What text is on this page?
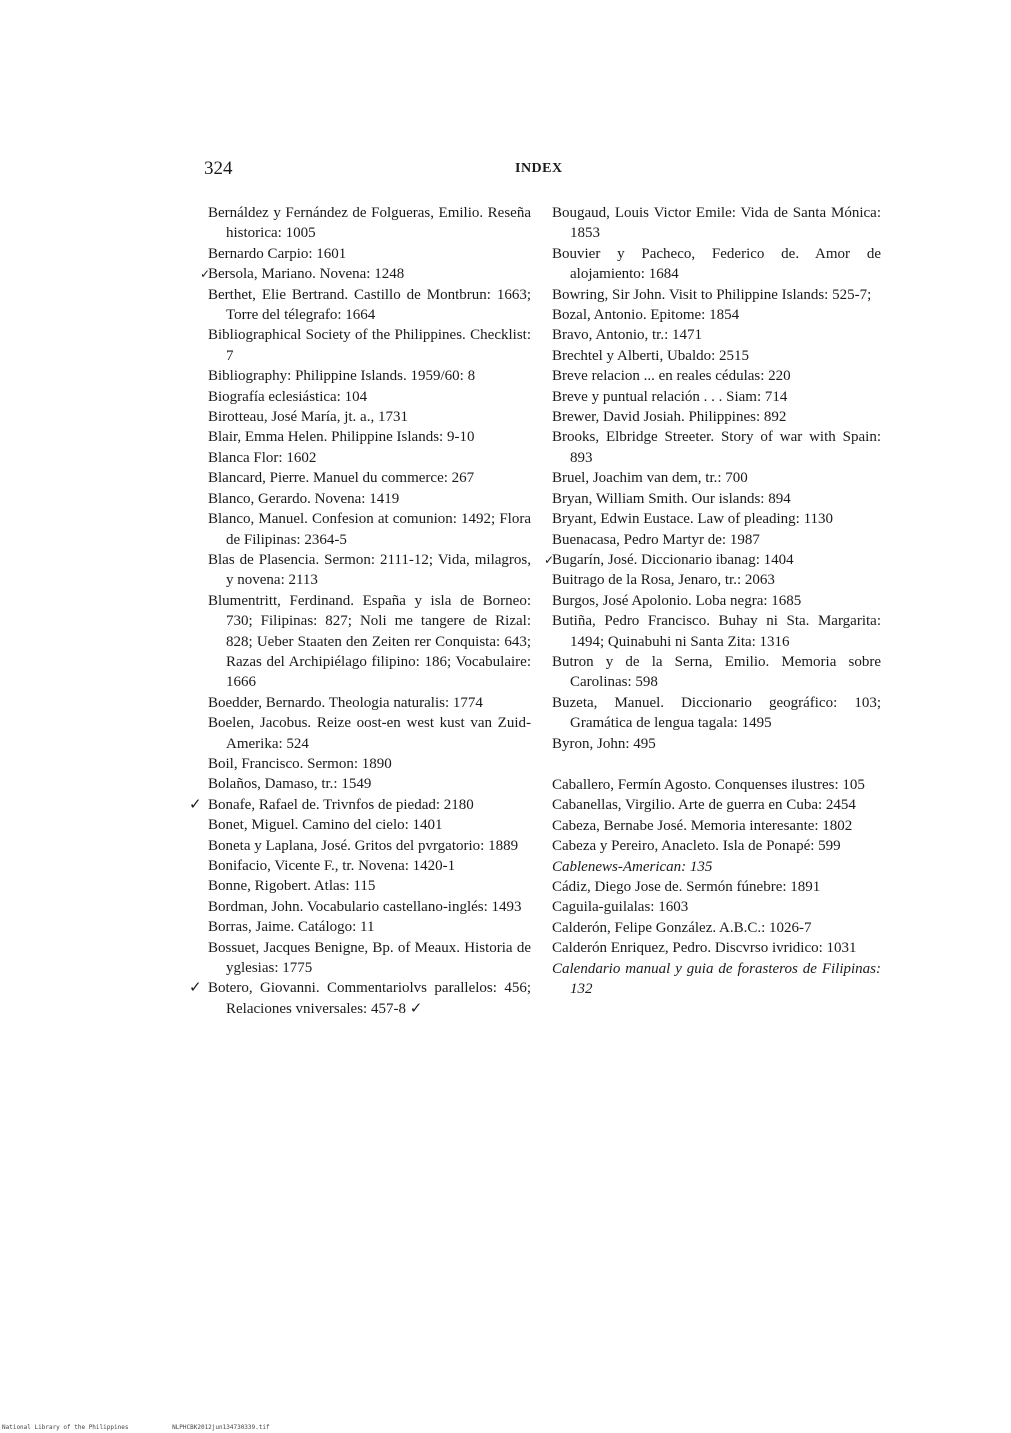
324	INDEX

Bernáldez y Fernández de Folgueras, Emilio. Reseña historica: 1005

Bernardo Carpio: 1601

✓
Bersola, Mariano. Novena: 1248

Berthet, Elie Bertrand. Castillo de Montbrun: 1663; Torre del télegrafo: 1664

Bibliographical Society of the Philippines. Checklist: 7

Bibliography: Philippine Islands. 1959/60: 8

Biografía eclesiástica: 104

Birotteau, José María, jt. a., 1731

Blair, Emma Helen. Philippine Islands: 9-10

Blanca Flor: 1602

Blancard, Pierre. Manuel du commerce: 267

Blanco, Gerardo. Novena: 1419

Blanco, Manuel. Confesion at comunion: 1492; Flora de Filipinas: 2364-5

Blas de Plasencia. Sermon: 2111-12; Vida, milagros, y novena: 2113

Blumentritt, Ferdinand. España y isla de Borneo: 730; Filipinas: 827; Noli me tangere de Rizal: 828; Ueber Staaten den Zeiten rer Conquista: 643; Razas del Archipiélago filipino: 186; Vocabulaire: 1666

Boedder, Bernardo. Theologia naturalis: 1774

Boelen, Jacobus. Reize oost-en west kust van Zuid-Amerika: 524

Boil, Francisco. Sermon: 1890

Bolaños, Damaso, tr.: 1549

✓ Bonafe, Rafael de. Trivnfos de piedad: 2180

Bonet, Miguel. Camino del cielo: 1401

Boneta y Laplana, José. Gritos del pvrgatorio: 1889

Bonifacio, Vicente F., tr. Novena: 1420-1

Bonne, Rigobert. Atlas: 115

Bordman, John. Vocabulario castellano-inglés: 1493

Borras, Jaime. Catálogo: 11

Bossuet, Jacques Benigne, Bp. of Meaux. Historia de yglesias: 1775

✓ Botero, Giovanni. Commentariolvs parallelos: 456; Relaciones vniversales: 457-8 ✓

Bougaud, Louis Victor Emile: Vida de Santa Mónica: 1853

Bouvier y Pacheco, Federico de. Amor de alojamiento: 1684

Bowring, Sir John. Visit to Philippine Islands: 525-7;

Bozal, Antonio. Epitome: 1854

Bravo, Antonio, tr.: 1471

Brechtel y Alberti, Ubaldo: 2515

Breve relacion ... en reales cédulas: 220

Breve y puntual relación . . . Siam: 714

Brewer, David Josiah. Philippines: 892

Brooks, Elbridge Streeter. Story of war with Spain: 893

Bruel, Joachim van dem, tr.: 700

Bryan, William Smith. Our islands: 894

Bryant, Edwin Eustace. Law of pleading: 1130

Buenacasa, Pedro Martyr de: 1987

✓
Bugarín, José. Diccionario ibanag: 1404

Buitrago de la Rosa, Jenaro, tr.: 2063

Burgos, José Apolonio. Loba negra: 1685

Butiña, Pedro Francisco. Buhay ni Sta. Margarita: 1494; Quinabuhi ni Santa Zita: 1316

Butron y de la Serna, Emilio. Memoria sobre Carolinas: 598

Buzeta, Manuel. Diccionario geográfico: 103; Gramática de lengua tagala: 1495

Byron, John: 495

Caballero, Fermín Agosto. Conquenses ilustres: 105

Cabanellas, Virgilio. Arte de guerra en Cuba: 2454

Cabeza, Bernabe José. Memoria interesante: 1802

Cabeza y Pereiro, Anacleto. Isla de Ponapé: 599

Cablenews-American: 135

Cádiz, Diego Jose de. Sermón fúnebre: 1891

Caguila-guilalas: 1603

Calderón, Felipe González. A.B.C.: 1026-7

Calderón Enriquez, Pedro. Discvrso ivridico: 1031

Calendario manual y guia de forasteros de Filipinas: 132

National Library of the Philippines	NLPHCBK2012jun134730339.tif
